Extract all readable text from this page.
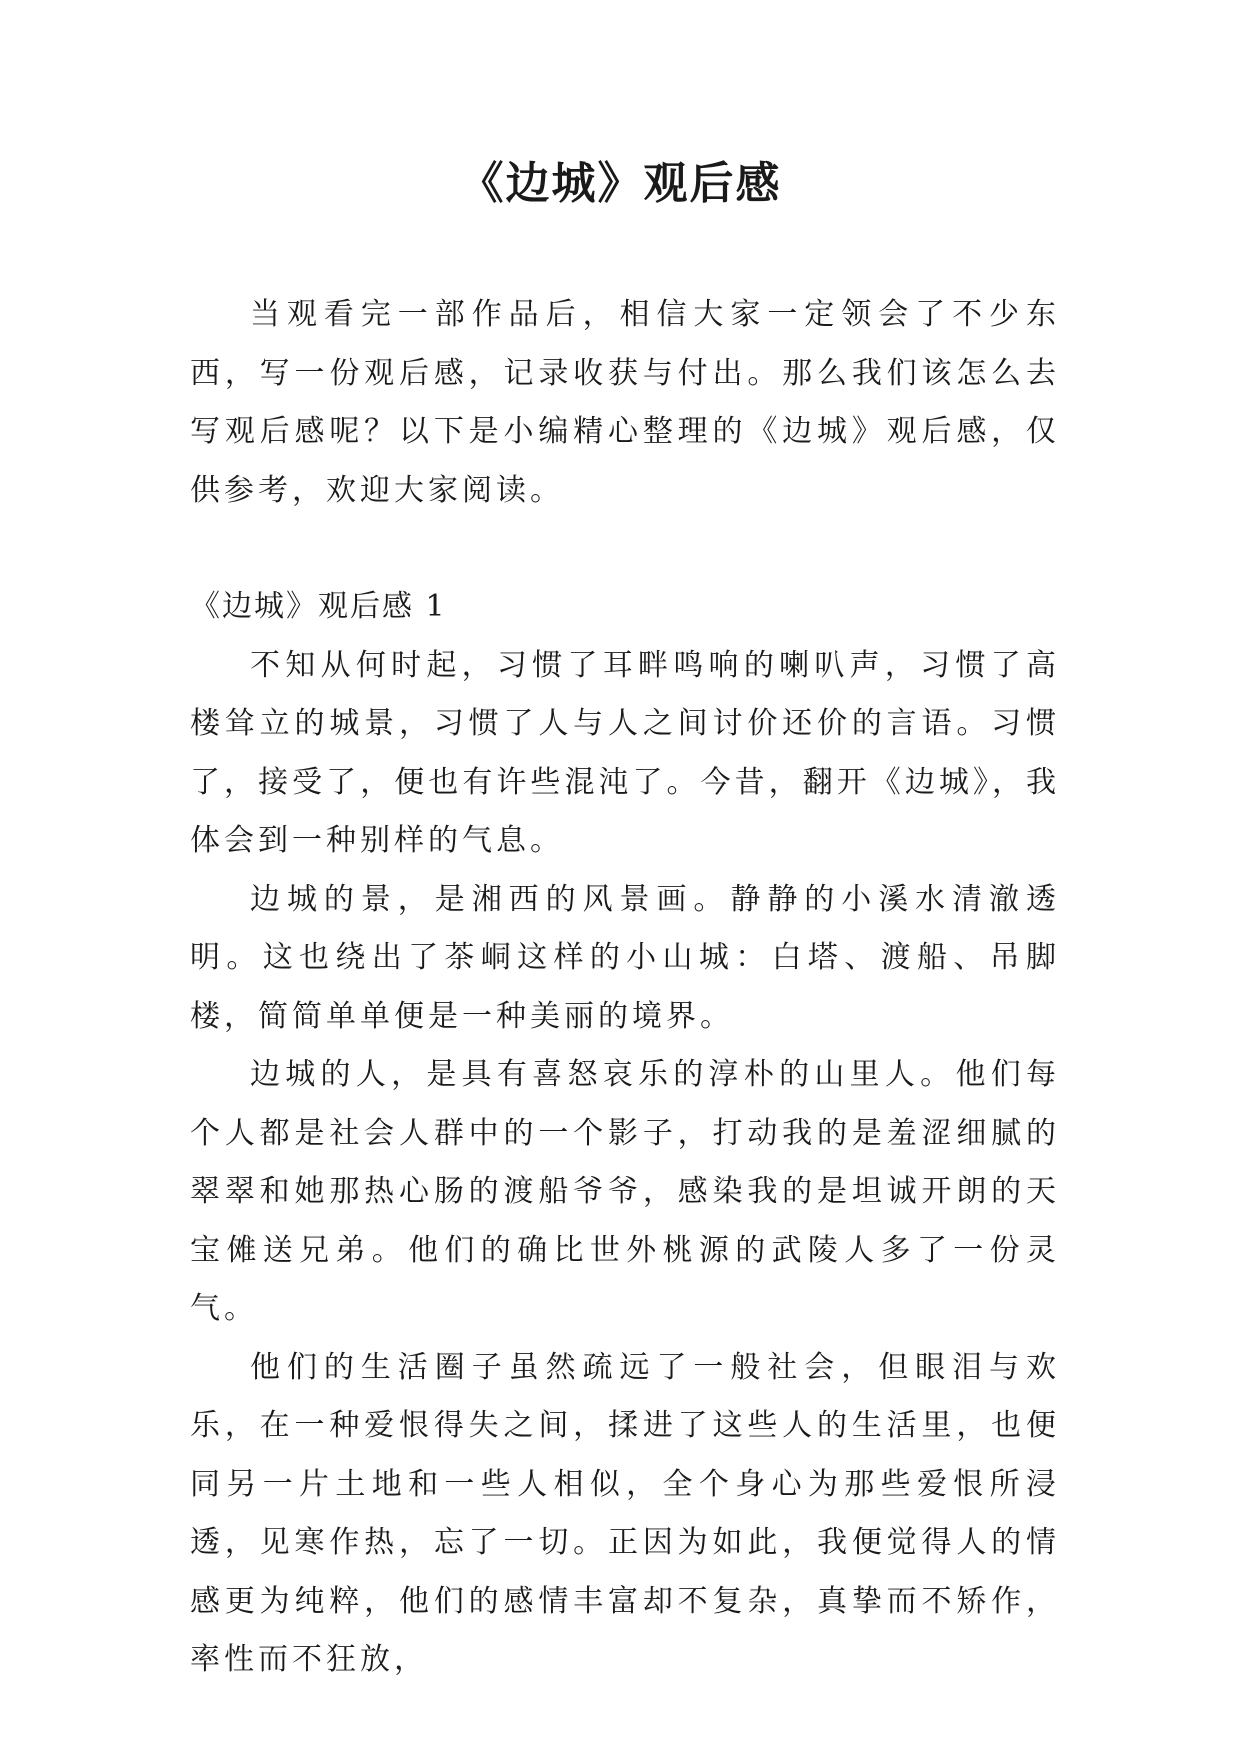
《边城》观后感

当观看完一部作品后，相信大家一定领会了不少东西，写一份观后感，记录收获与付出。那么我们该怎么去写观后感呢？以下是小编精心整理的《边城》观后感，仅供参考，欢迎大家阅读。

《边城》观后感 1

不知从何时起，习惯了耳畔鸣响的喇叭声，习惯了高楼耸立的城景，习惯了人与人之间讨价还价的言语。习惯了，接受了，便也有许些混沌了。今昔，翻开《边城》，我体会到一种别样的气息。

边城的景，是湘西的风景画。静静的小溪水清澈透明。这也绕出了茶峒这样的小山城：白塔、渡船、吊脚楼，简简单单便是一种美丽的境界。

边城的人，是具有喜怒哀乐的淳朴的山里人。他们每个人都是社会人群中的一个影子，打动我的是羞涩细腻的翠翠和她那热心肠的渡船爷爷，感染我的是坦诚开朗的天宝傩送兄弟。他们的确比世外桃源的武陵人多了一份灵气。

他们的生活圈子虽然疏远了一般社会，但眼泪与欢乐，在一种爱恨得失之间，揉进了这些人的生活里，也便同另一片土地和一些人相似，全个身心为那些爱恨所浸透，见寒作热，忘了一切。正因为如此，我便觉得人的情感更为纯粹，他们的感情丰富却不复杂，真挚而不矫作，率性而不狂放，
